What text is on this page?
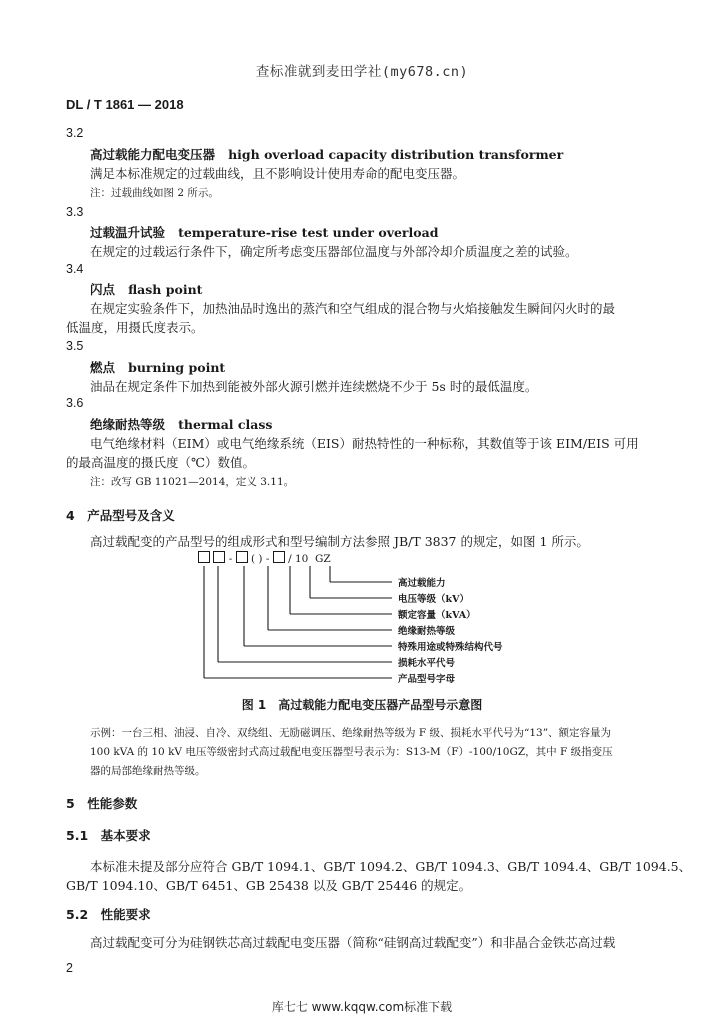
查标准就到麦田学社(my678.cn)
DL / T 1861 — 2018
3.2
高过载能力配电变压器 high overload capacity distribution transformer
满足本标准规定的过载曲线，且不影响设计使用寿命的配电变压器。
注：过载曲线如图 2 所示。
3.3
过载温升试验 temperature-rise test under overload
在规定的过载运行条件下，确定所考虑变压器部位温度与外部冷却介质温度之差的试验。
3.4
闪点 flash point
在规定实验条件下，加热油品时逸出的蒸汽和空气组成的混合物与火焰接触发生瞬间闪火时的最
低温度，用摄氏度表示。
3.5
燃点 burning point
油品在规定条件下加热到能被外部火源引燃并连续燃烧不少于 5s 时的最低温度。
3.6
绝缘耐热等级 thermal class
电气绝缘材料（EIM）或电气绝缘系统（EIS）耐热特性的一种标称，其数值等于该 EIM/EIS 可用
的最高温度的摄氏度（℃）数值。
注：改写 GB 11021—2014，定义 3.11。
4　产品型号及含义
高过载配变的产品型号的组成形式和型号编制方法参照 JB/T 3837 的规定，如图 1 所示。
- ( ) - / 10 GZ
高过载能力
电压等级（kV）
额定容量（kVA）
绝缘耐热等级
特殊用途或特殊结构代号
损耗水平代号
产品型号字母
图 1　高过载能力配电变压器产品型号示意图
示例：一台三相、油浸、自冷、双绕组、无励磁调压、绝缘耐热等级为 F 级、损耗水平代号为“13”、额定容量为
100 kVA 的 10 kV 电压等级密封式高过载配电变压器型号表示为：S13-M（F）-100/10GZ，其中 F 级指变压
器的局部绝缘耐热等级。
5　性能参数
5.1　基本要求
本标准未提及部分应符合 GB/T 1094.1、GB/T 1094.2、GB/T 1094.3、GB/T 1094.4、GB/T 1094.5、
GB/T 1094.10、GB/T 6451、GB 25438 以及 GB/T 25446 的规定。
5.2　性能要求
高过载配变可分为硅钢铁芯高过载配电变压器（简称“硅钢高过载配变”）和非晶合金铁芯高过载
2
库七七 www.kqqw.com标准下载
